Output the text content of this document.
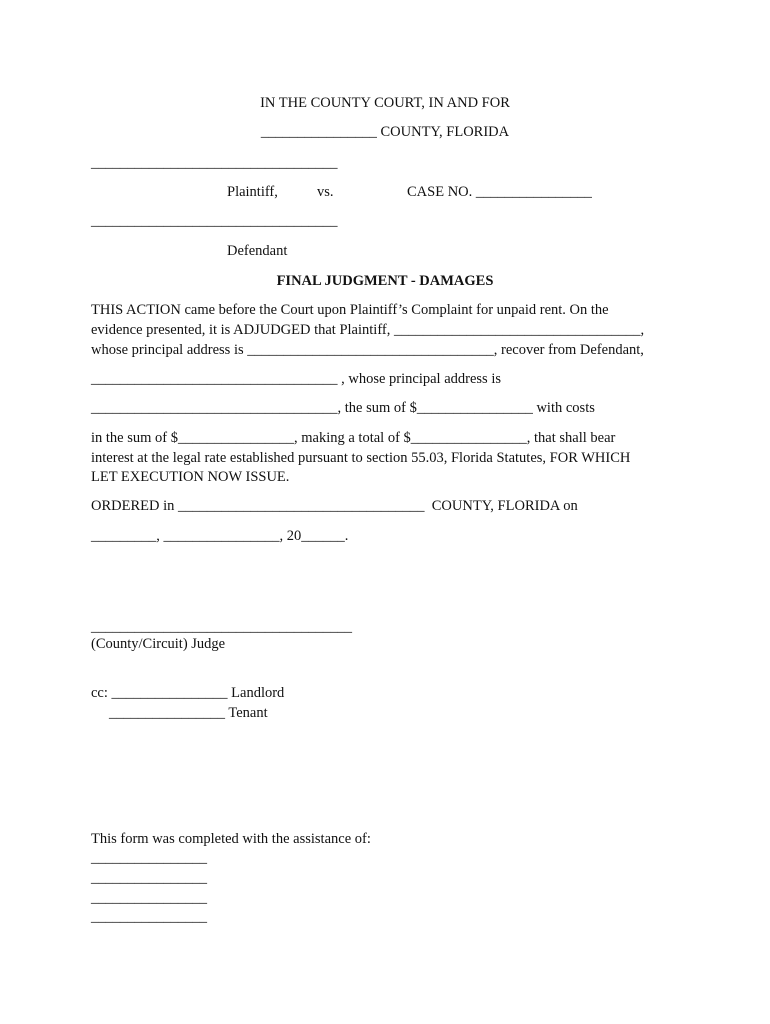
IN THE COUNTY COURT, IN AND FOR
________________ COUNTY, FLORIDA
__________________________________
Plaintiff,	vs.	CASE NO. ________________
__________________________________
Defendant
FINAL JUDGMENT - DAMAGES
THIS ACTION came before the Court upon Plaintiff’s Complaint for unpaid rent. On the
evidence presented, it is ADJUDGED that Plaintiff, __________________________________,
whose principal address is __________________________________, recover from Defendant,
__________________________________ , whose principal address is
__________________________________, the sum of $________________ with costs
in the sum of $________________, making a total of $________________, that shall bear
interest at the legal rate established pursuant to section 55.03, Florida Statutes, FOR WHICH
LET EXECUTION NOW ISSUE.
ORDERED in __________________________________  COUNTY, FLORIDA on
_________, ________________, 20______.
____________________________________
(County/Circuit) Judge
cc: ________________ Landlord
________________ Tenant
This form was completed with the assistance of:
________________
________________
________________
________________
